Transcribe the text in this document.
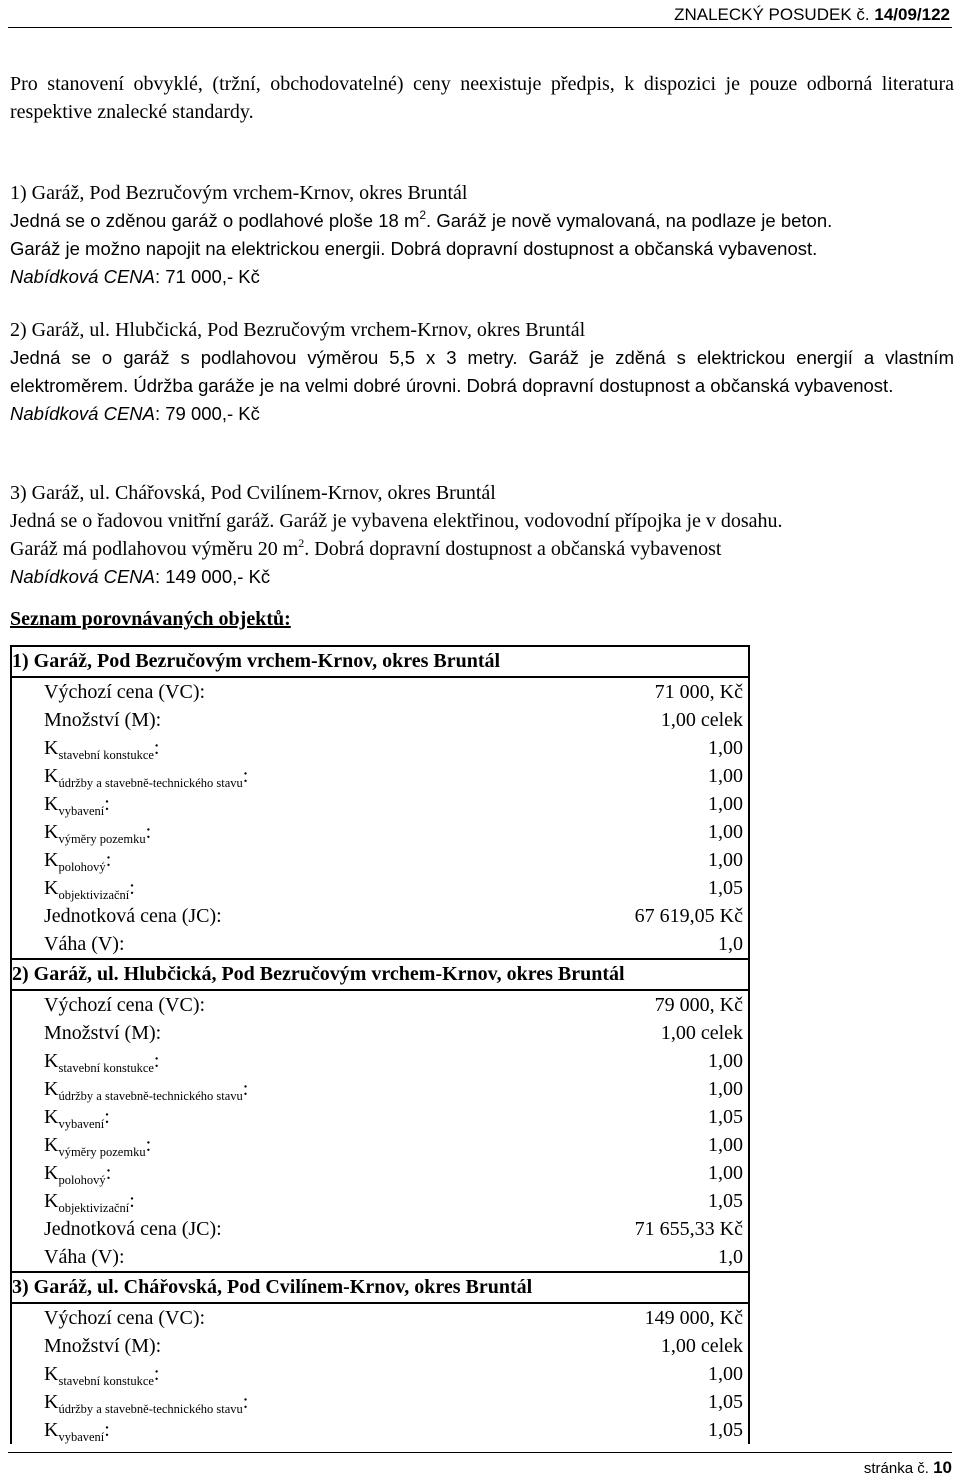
ZNALECKÝ POSUDEK č. 14/09/122

Pro stanovení obvyklé, (tržní, obchodovatelné) ceny neexistuje předpis, k dispozici je pouze odborná literatura respektive znalecké standardy.

1) Garáž, Pod Bezručovým vrchem-Krnov, okres Bruntál
Jedná se o zděnou garáž o podlahové ploše 18 $m^2$. Garáž je nově vymalovaná, na podlaze je beton.
Garáž je možno napojit na elektrickou energii. Dobrá dopravní dostupnost a občanská vybavenost.
Nabídková CENA: 71 000,- Kč
2) Garáž, ul. Hlubčická, Pod Bezručovým vrchem-Krnov, okres Bruntál
Jedná se o garáž s podlahovou výměrou 5,5 x 3 metry. Garáž je zděná s elektrickou energií a vlastním elektroměrem. Údržba garáže je na velmi dobré úrovni. Dobrá dopravní dostupnost a občanská vybavenost.
Nabídková CENA: 79 000,- Kč
3) Garáž, ul. Chářovská, Pod Cvilínem-Krnov, okres Bruntál
Jedná se o řadovou vnitřní garáž. Garáž je vybavena elektřinou, vodovodní přípojka je v dosahu.
Garáž má podlahovou výměru 20 $m^2$. Dobrá dopravní dostupnost a občanská vybavenost
Nabídková CENA: 149 000,- Kč
Seznam porovnávaných objektů:
1) Garáž, Pod Bezručovým vrchem-Krnov, okres Bruntál
Výchozí cena (VC):	71 000, Kč
Množství (M):	1,00 celek
$K_{stavební konstukce}$:	1,00
$K_{údržby a stavebně-technického stavu}$:	1,00
$K_{vybavení}$:	1,00
$K_{výměry pozemku}$:	1,00
$K_{polohový}$:	1,00
$K_{objektivizační}$:	1,05
Jednotková cena (JC):	67 619,05 Kč
Váha (V):	1,0
2) Garáž, ul. Hlubčická, Pod Bezručovým vrchem-Krnov, okres Bruntál
Výchozí cena (VC):	79 000, Kč
Množství (M):	1,00 celek
$K_{stavební konstukce}$:	1,00
$K_{údržby a stavebně-technického stavu}$:	1,00
$K_{vybavení}$:	1,05
$K_{výměry pozemku}$:	1,00
$K_{polohový}$:	1,00
$K_{objektivizační}$:	1,05
Jednotková cena (JC):	71 655,33 Kč
Váha (V):	1,0
3) Garáž, ul. Chářovská, Pod Cvilínem-Krnov, okres Bruntál
Výchozí cena (VC):	149 000, Kč
Množství (M):	1,00 celek
$K_{stavební konstukce}$:	1,00
$K_{údržby a stavebně-technického stavu}$:	1,05
$K_{vybavení}$:	1,05
stránka č. 10
